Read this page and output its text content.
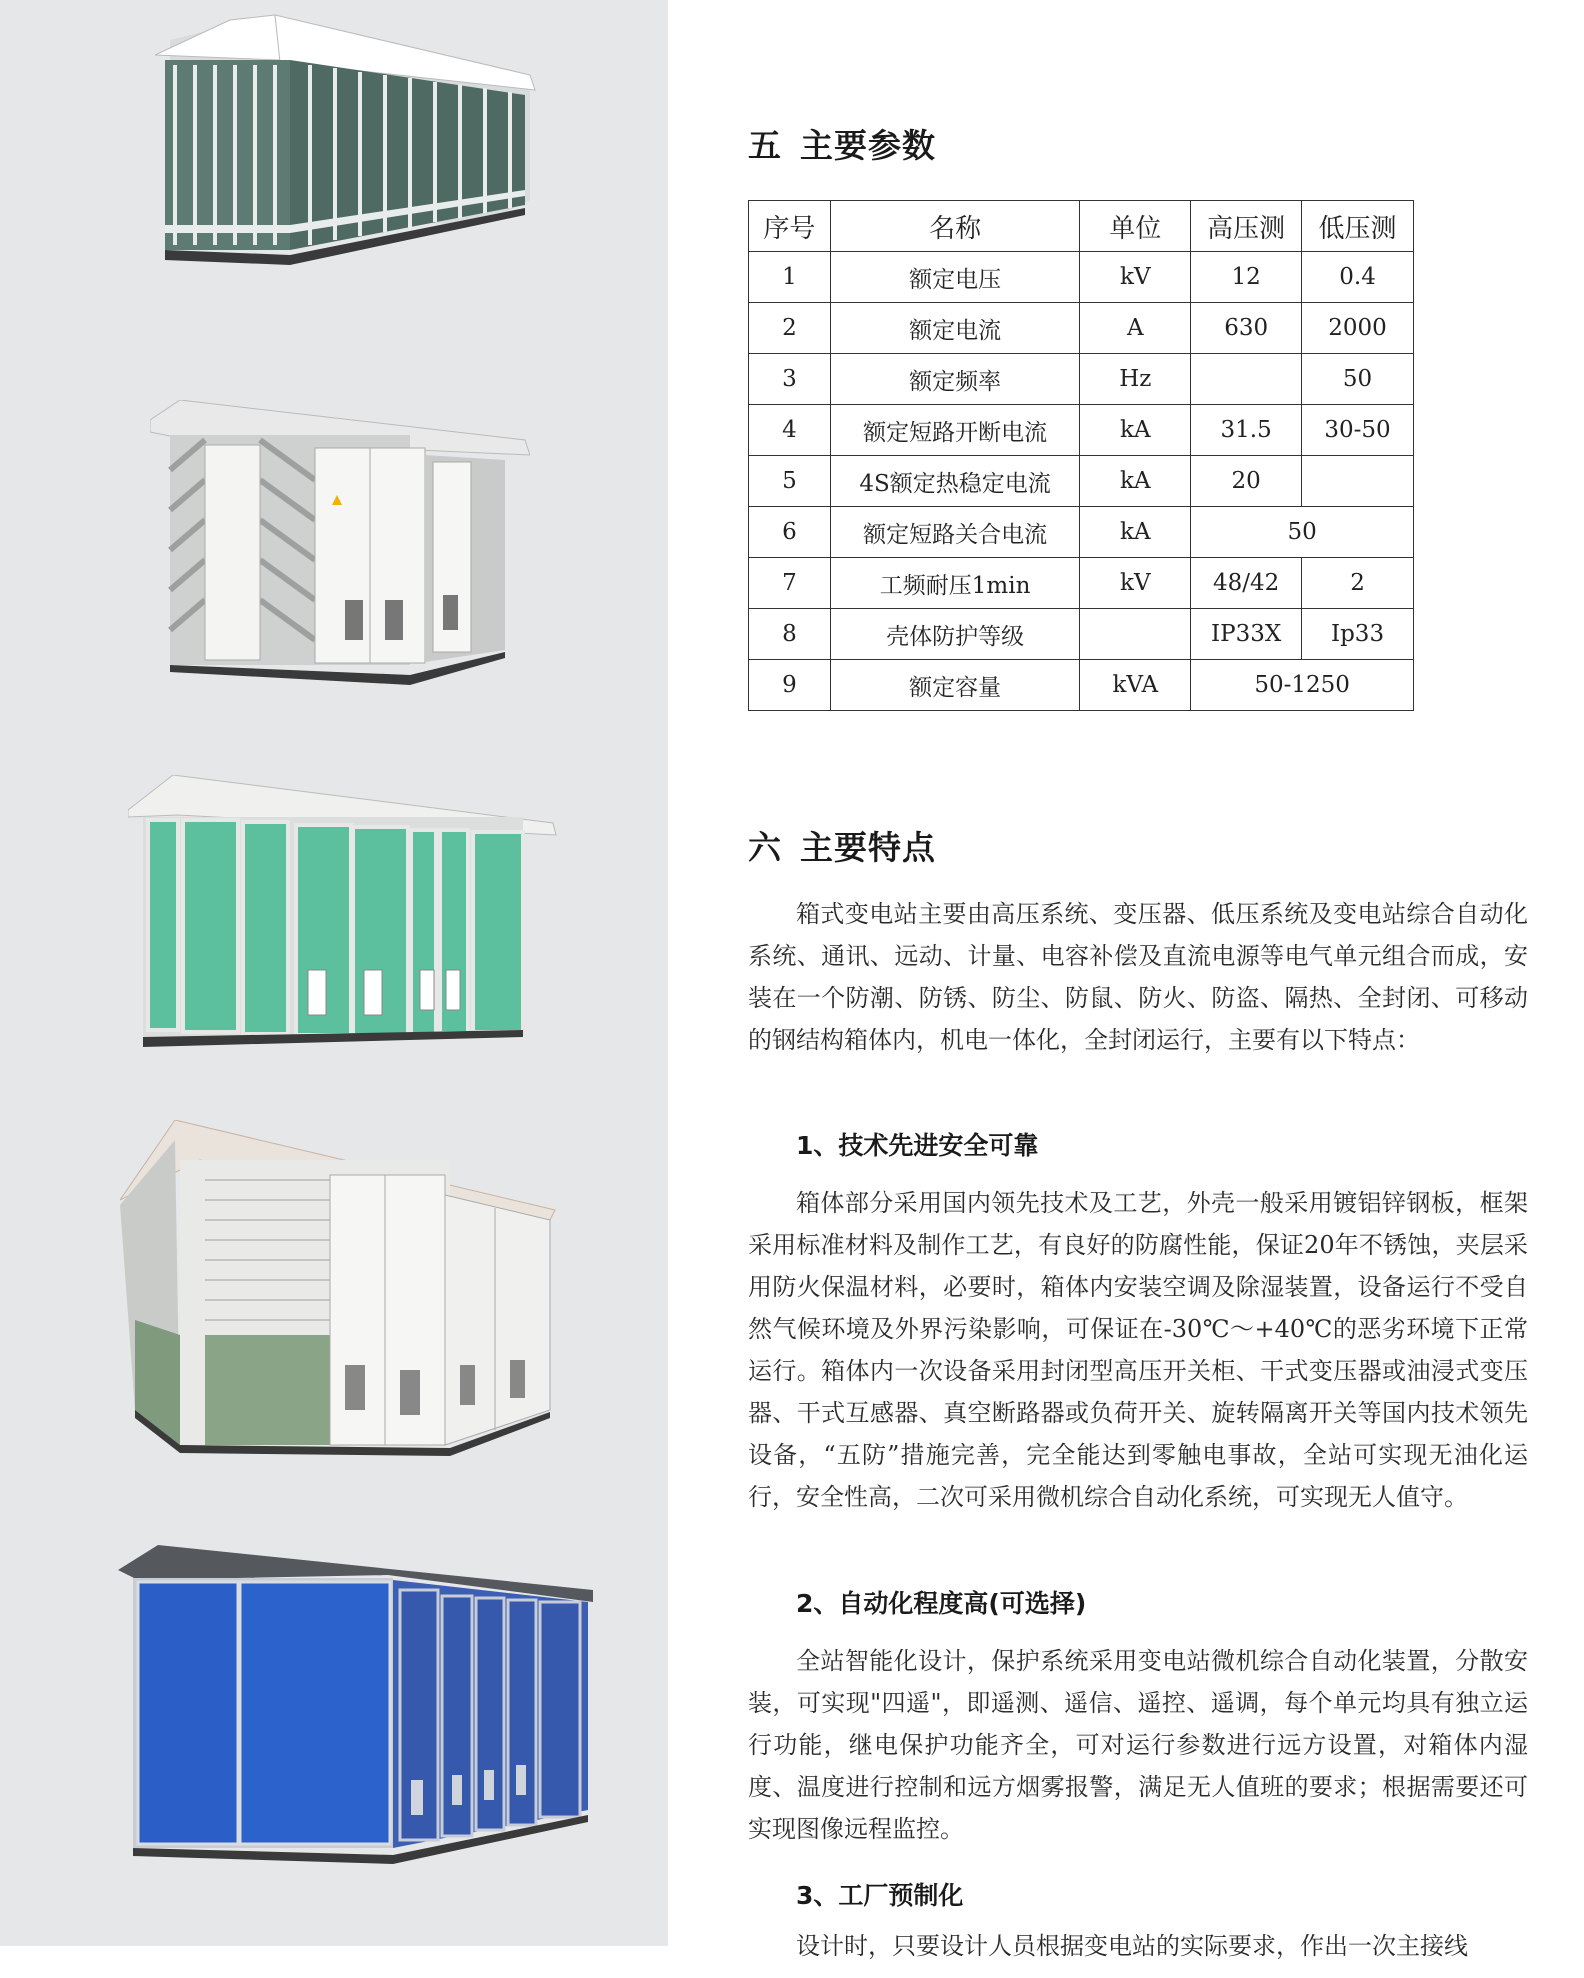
五 主要参数
序号	名称	单位	高压测	低压测
1	额定电压	kV	12	0.4
2	额定电流	A	630	2000
3	额定频率	Hz		50
4	额定短路开断电流	kA	31.5	30-50
5	4S额定热稳定电流	kA	20	
6	额定短路关合电流	kA	50	
7	工频耐压1min	kV	48/42	2
8	壳体防护等级		IP33X	Ip33
9	额定容量	kVA	50-1250	
六 主要特点

箱式变电站主要由高压系统、变压器、低压系统及变电站综合自动化系统、通讯、远动、计量、电容补偿及直流电源等电气单元组合而成，安装在一个防潮、防锈、防尘、防鼠、防火、防盗、隔热、全封闭、可移动的钢结构箱体内，机电一体化，全封闭运行，主要有以下特点：

1、技术先进安全可靠

箱体部分采用国内领先技术及工艺，外壳一般采用镀铝锌钢板，框架采用标准材料及制作工艺，有良好的防腐性能，保证20年不锈蚀，夹层采用防火保温材料，必要时，箱体内安装空调及除湿装置，设备运行不受自然气候环境及外界污染影响，可保证在-30℃～+40℃的恶劣环境下正常运行。箱体内一次设备采用封闭型高压开关柜、干式变压器或油浸式变压器、干式互感器、真空断路器或负荷开关、旋转隔离开关等国内技术领先设备，“五防”措施完善，完全能达到零触电事故，全站可实现无油化运行，安全性高，二次可采用微机综合自动化系统，可实现无人值守。

2、自动化程度高(可选择)

全站智能化设计，保护系统采用变电站微机综合自动化装置，分散安装，可实现"四遥"，即遥测、遥信、遥控、遥调，每个单元均具有独立运行功能，继电保护功能齐全，可对运行参数进行远方设置，对箱体内湿度、温度进行控制和远方烟雾报警，满足无人值班的要求；根据需要还可实现图像远程监控。

3、工厂预制化

设计时，只要设计人员根据变电站的实际要求，作出一次主接线
